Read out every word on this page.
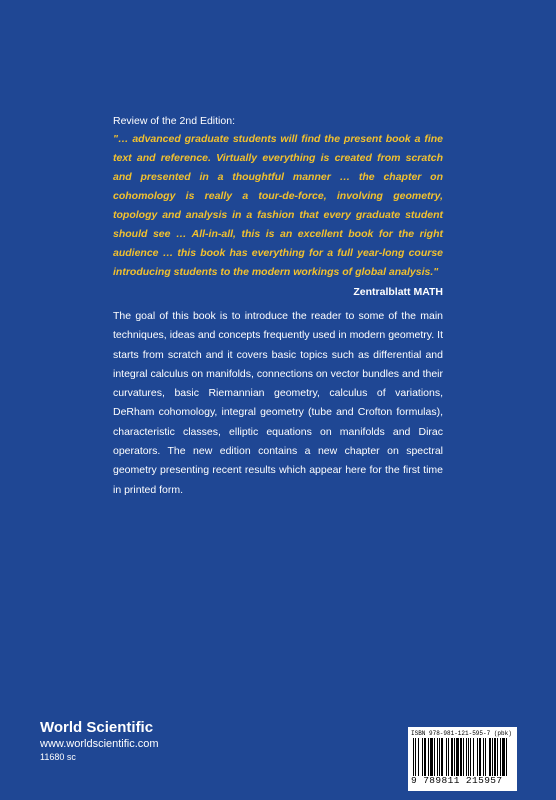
Review of the 2nd Edition:

"… advanced graduate students will find the present book a fine text and reference. Virtually everything is created from scratch and presented in a thoughtful manner … the chapter on cohomology is really a tour-de-force, involving geometry, topology and analysis in a fashion that every graduate student should see … All-in-all, this is an excellent book for the right audience … this book has everything for a full year-long course introducing students to the modern workings of global analysis."

Zentralblatt MATH

The goal of this book is to introduce the reader to some of the main techniques, ideas and concepts frequently used in modern geometry. It starts from scratch and it covers basic topics such as differential and integral calculus on manifolds, connections on vector bundles and their curvatures, basic Riemannian geometry, calculus of variations, DeRham cohomology, integral geometry (tube and Crofton formulas), characteristic classes, elliptic equations on manifolds and Dirac operators. The new edition contains a new chapter on spectral geometry presenting recent results which appear here for the first time in printed form.

World Scientific
www.worldscientific.com
11680 sc
ISBN 978-981-121-595-7 (pbk)
9 789811 215957
